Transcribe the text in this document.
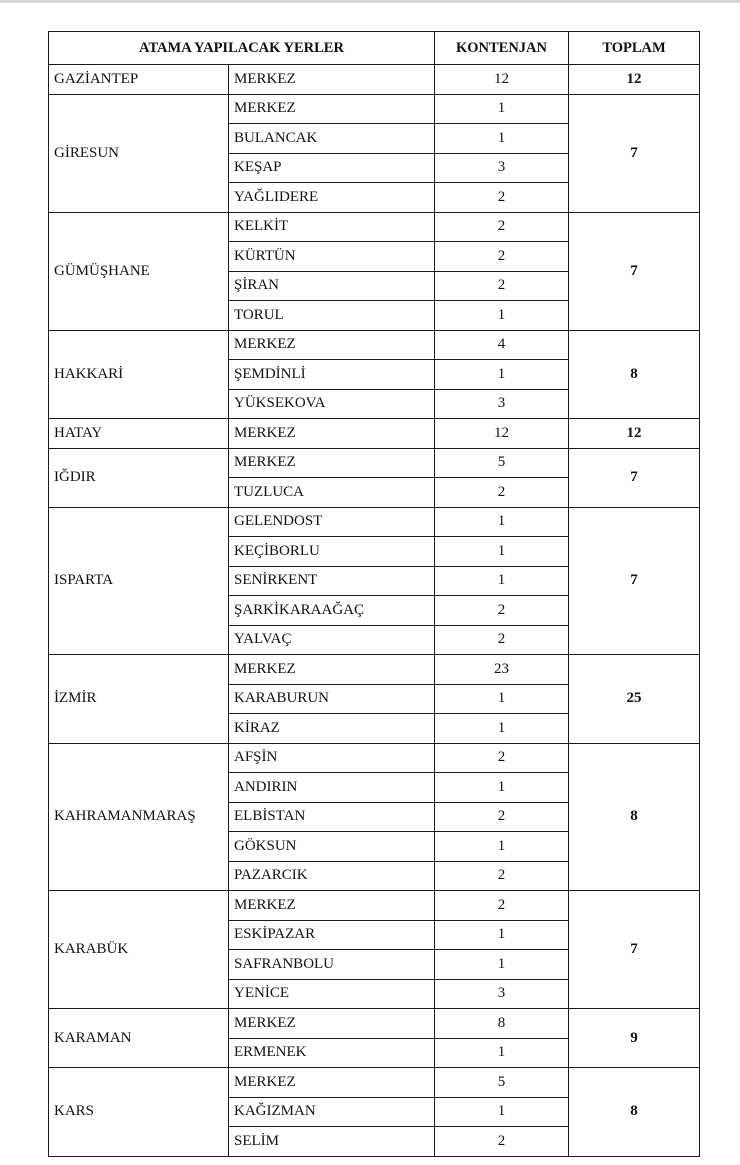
ATAMA YAPILACAK YERLER		KONTENJAN	TOPLAM
GAZİANTEP	MERKEZ	12	12
GİRESUN	MERKEZ	1	7
	BULANCAK	1	
	KEŞAP	3	
	YAĞLIDERE	2	
GÜMÜŞHANE	KELKİT	2	7
	KÜRTÜN	2	
	ŞİRAN	2	
	TORUL	1	
HAKKARİ	MERKEZ	4	8
	ŞEMDİNLİ	1	
	YÜKSEKOVA	3	
HATAY	MERKEZ	12	12
IĞDIR	MERKEZ	5	7
	TUZLUCA	2	
ISPARTA	GELENDOST	1	7
	KEÇİBORLU	1	
	SENİRKENT	1	
	ŞARKİKARAAĞAÇ	2	
	YALVAÇ	2	
İZMİR	MERKEZ	23	25
	KARABURUN	1	
	KİRAZ	1	
KAHRAMANMARAŞ	AFŞİN	2	8
	ANDIRIN	1	
	ELBİSTAN	2	
	GÖKSUN	1	
	PAZARCIK	2	
KARABÜK	MERKEZ	2	7
	ESKİPAZAR	1	
	SAFRANBOLU	1	
	YENİCE	3	
KARAMAN	MERKEZ	8	9
	ERMENEK	1	
KARS	MERKEZ	5	8
	KAĞIZMAN	1	
	SELİM	2	
